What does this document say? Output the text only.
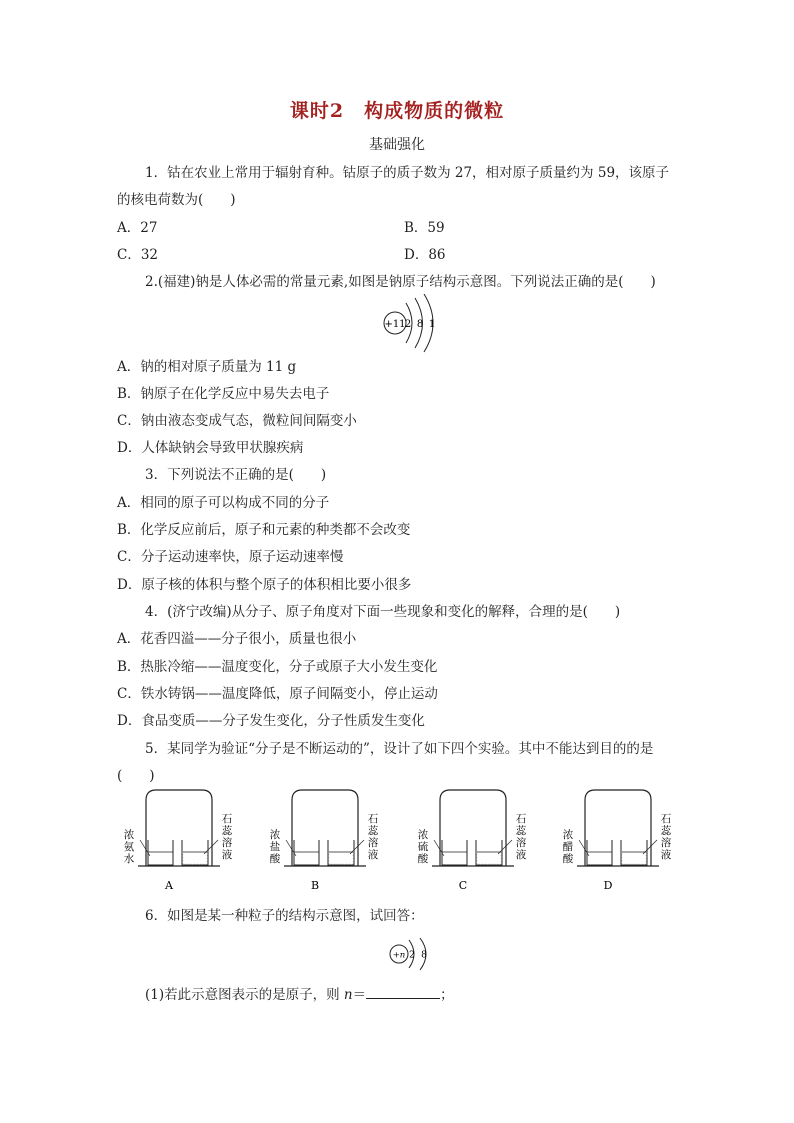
课时2　构成物质的微粒
基础强化
1．钴在农业上常用于辐射育种。钴原子的质子数为 27，相对原子质量约为 59，该原子
的核电荷数为(　　)
A．27	B．59
C．32	D．86
2.(福建)钠是人体必需的常量元素,如图是钠原子结构示意图。下列说法正确的是(　　)
+11 2 8 1
A．钠的相对原子质量为 11 g
B．钠原子在化学反应中易失去电子
C．钠由液态变成气态，微粒间间隔变小
D．人体缺钠会导致甲状腺疾病
3．下列说法不正确的是(　　)
A．相同的原子可以构成不同的分子
B．化学反应前后，原子和元素的种类都不会改变
C．分子运动速率快，原子运动速率慢
D．原子核的体积与整个原子的体积相比要小很多
4．(济宁改编)从分子、原子角度对下面一些现象和变化的解释，合理的是(　　)
A．花香四溢——分子很小，质量也很小
B．热胀冷缩——温度变化，分子或原子大小发生变化
C．铁水铸锅——温度降低，原子间隔变小，停止运动
D．食品变质——分子发生变化，分子性质发生变化
5．某同学为验证“分子是不断运动的”，设计了如下四个实验。其中不能达到目的的是
(　　)
浓
氨
水
石
蕊
溶
液
A
浓
盐
酸
石
蕊
溶
液
B
浓
硫
酸
石
蕊
溶
液
C
浓
醋
酸
石
蕊
溶
液
D
6．如图是某一种粒子的结构示意图，试回答：
+n 2 8
(1)若此示意图表示的是原子，则 n＝	；
